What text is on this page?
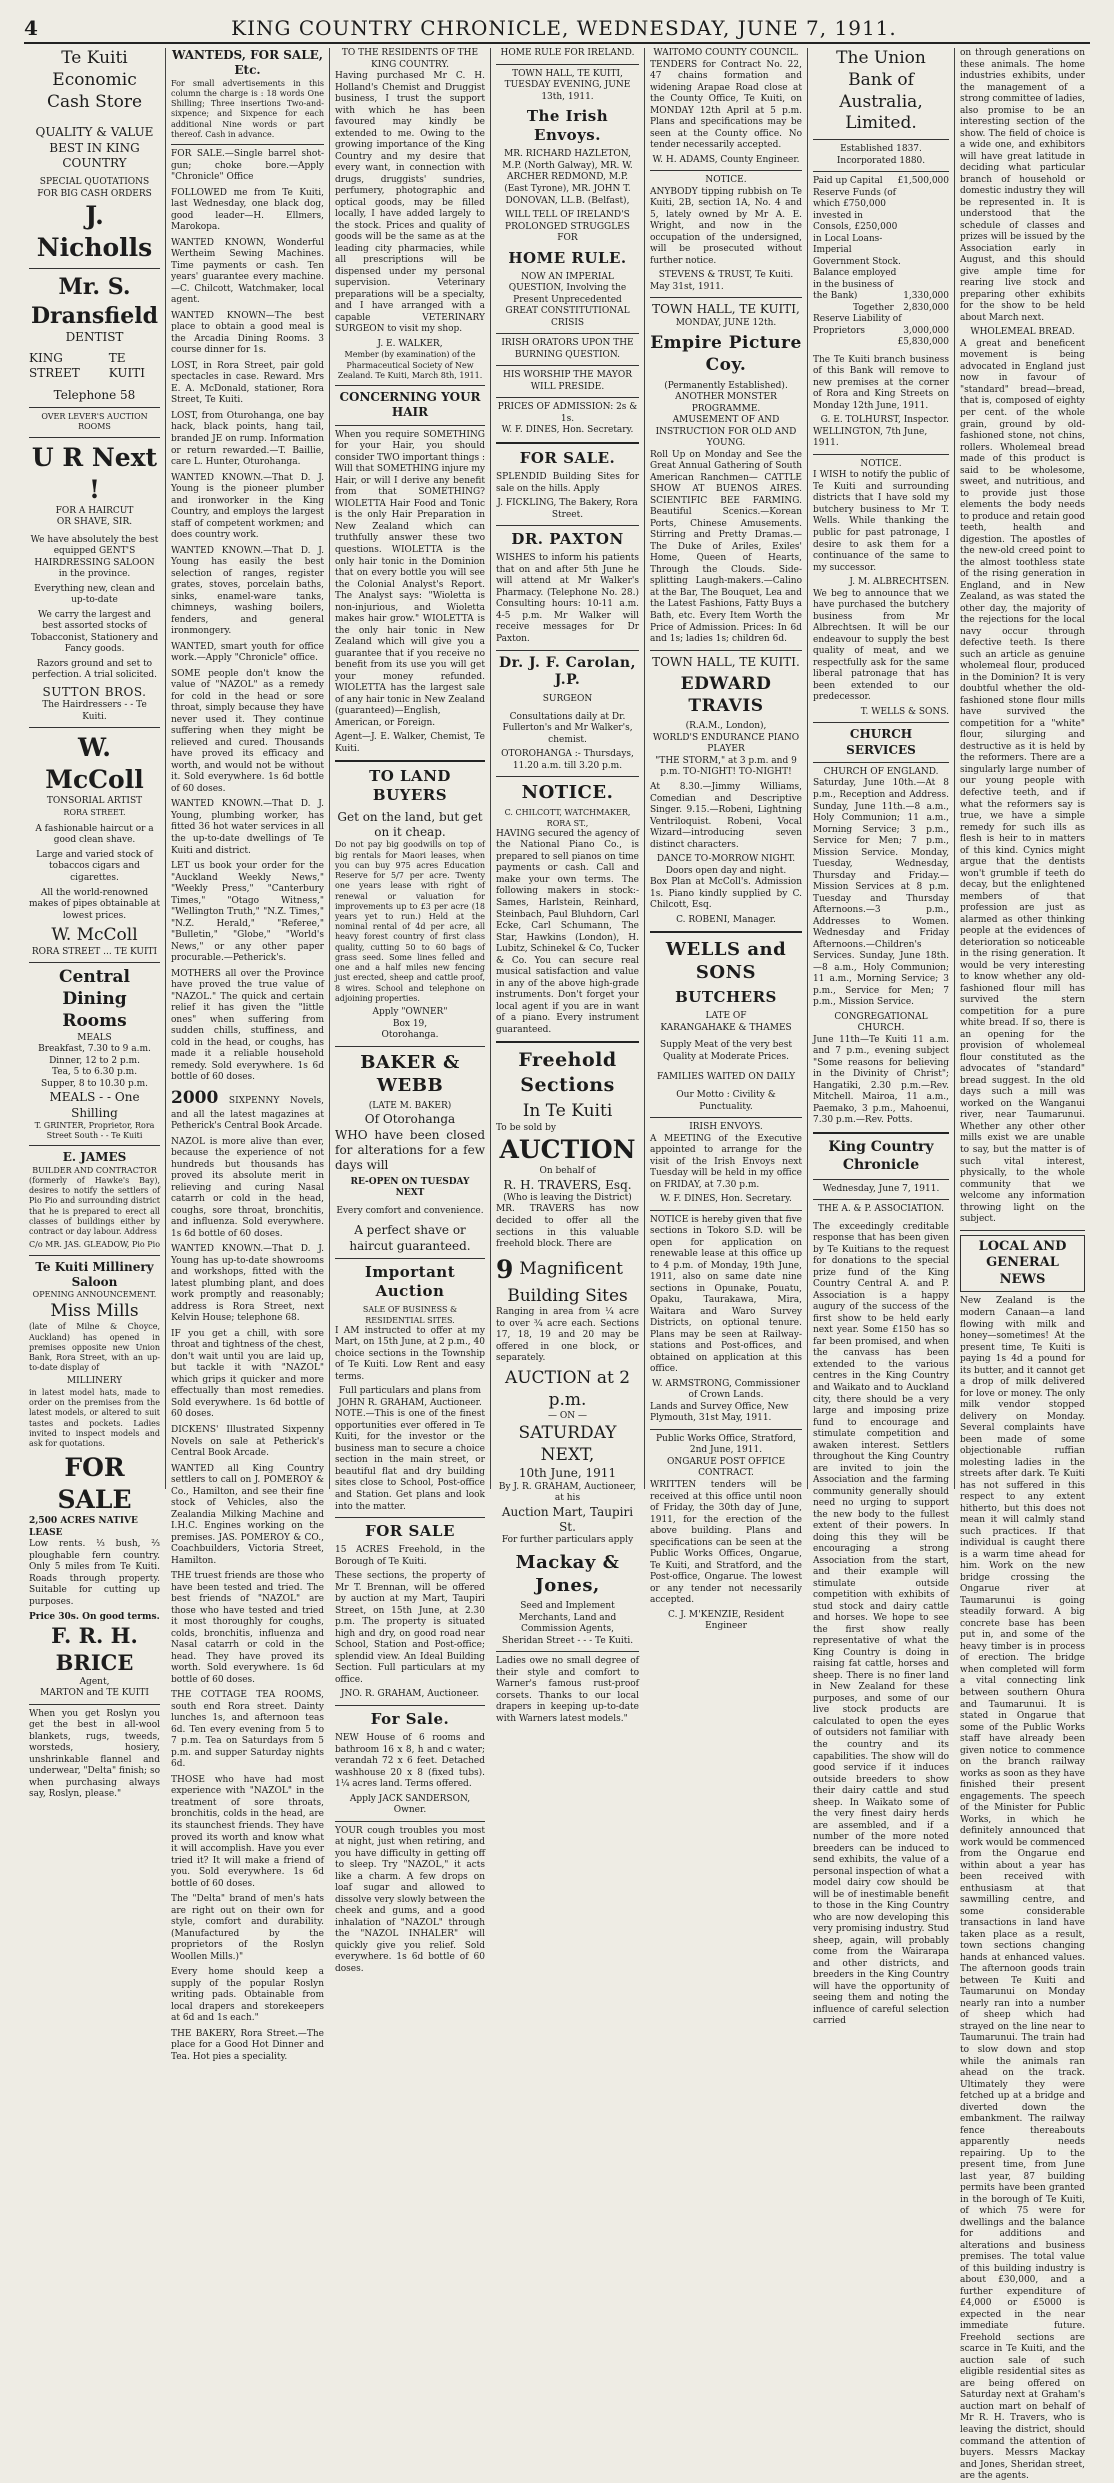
4	KING COUNTRY CHRONICLE, WEDNESDAY, JUNE 7, 1911.
Te Kuiti
Economic Cash Store
QUALITY & VALUE
BEST IN KING COUNTRY
SPECIAL QUOTATIONS
FOR BIG CASH ORDERS
J. Nicholls
Mr. S. Dransfield
DENTIST
KING STREET
TE KUITI
Telephone 58
OVER LEVER'S AUCTION ROOMS
U R Next !
FOR A HAIRCUT
OR SHAVE, SIR.

We have absolutely the best equipped GENT'S HAIRDRESSING SALOON in the province.

Everything new, clean and up-to-date

We carry the largest and best assorted stocks of Tobacconist, Stationery and Fancy goods.

Razors ground and set to perfection. A trial solicited.

SUTTON BROS.
The Hairdressers - - Te Kuiti.
W. McColl
TONSORIAL ARTIST
RORA STREET.

A fashionable haircut or a good clean shave.

Large and varied stock of tobaccos cigars and cigarettes.

All the world-renowned makes of pipes obtainable at lowest prices.

W. McColl
RORA STREET ... TE KUITI
Central Dining Rooms
MEALS
Breakfast, 7.30 to 9 a.m.
Dinner, 12 to 2 p.m.
Tea, 5 to 6.30 p.m.
Supper, 8 to 10.30 p.m.
MEALS - - One Shilling
T. GRINTER, Proprietor, Rora Street South - - Te Kuiti
E. JAMES
BUILDER AND CONTRACTOR

(formerly of Hawke's Bay), desires to notify the settlers of Pio Pio and surrounding district that he is prepared to erect all classes of buildings either by contract or day labour. Address

C/o MR. JAS. GLEADOW, Pio Pio
Te Kuiti Millinery Saloon
OPENING ANNOUNCEMENT.
Miss Mills

(late of Milne & Choyce, Auckland) has opened in premises opposite new Union Bank, Rora Street, with an up-to-date display of

MILLINERY

in latest model hats, made to order on the premises from the latest models, or altered to suit tastes and pockets. Ladies invited to inspect models and ask for quotations.

FOR SALE
2,500 ACRES NATIVE LEASE

Low rents. ⅓ bush, ⅔ ploughable fern country. Only 5 miles from Te Kuiti. Roads through property. Suitable for cutting up purposes.

Price 30s. On good terms.
F. R. H. BRICE
Agent,
MARTON and TE KUITI

When you get Roslyn you get the best in all-wool blankets, rugs, tweeds, worsteds, hosiery, unshrinkable flannel and underwear, "Delta" finish; so when purchasing always say, Roslyn, please."

WANTEDS, FOR SALE, Etc.

For small advertisements in this column the charge is : 18 words One Shilling; Three insertions Two-and-sixpence; and Sixpence for each additional Nine words or part thereof. Cash in advance.

FOR SALE.—Single barrel shot-gun; choke bore.—Apply "Chronicle" Office

FOLLOWED me from Te Kuiti, last Wednesday, one black dog, good leader—H. Ellmers, Marokopa.

WANTED KNOWN, Wonderful Wertheim Sewing Machines. Time payments or cash. Ten years' guarantee every machine.—C. Chilcott, Watchmaker, local agent.

WANTED KNOWN—The best place to obtain a good meal is the Arcadia Dining Rooms. 3 course dinner for 1s.

LOST, in Rora Street, pair gold spectacles in case. Reward. Mrs E. A. McDonald, stationer, Rora Street, Te Kuiti.

LOST, from Oturohanga, one bay hack, black points, hang tail, branded JE on rump. Information or return rewarded.—T. Baillie, care L. Hunter, Oturohanga.

WANTED KNOWN.—That D. J. Young is the pioneer plumber and ironworker in the King Country, and employs the largest staff of competent workmen; and does country work.

WANTED KNOWN.—That D. J. Young has easily the best selection of ranges, register grates, stoves, porcelain baths, sinks, enamel-ware tanks, chimneys, washing boilers, fenders, and general ironmongery.

WANTED, smart youth for office work.—Apply "Chronicle" office.

SOME people don't know the value of "NAZOL" as a remedy for cold in the head or sore throat, simply because they have never used it. They continue suffering when they might be relieved and cured. Thousands have proved its efficacy and worth, and would not be without it. Sold everywhere. 1s 6d bottle of 60 doses.

WANTED KNOWN.—That D. J. Young, plumbing worker, has fitted 36 hot water services in all the up-to-date dwellings of Te Kuiti and district.

LET us book your order for the "Auckland Weekly News," "Weekly Press," "Canterbury Times," "Otago Witness," "Wellington Truth," "N.Z. Times," "N.Z. Herald," "Referee," "Bulletin," "Globe," "World's News," or any other paper procurable.—Petherick's.

MOTHERS all over the Province have proved the true value of "NAZOL." The quick and certain relief it has given the "little ones" when suffering from sudden chills, stuffiness, and cold in the head, or coughs, has made it a reliable household remedy. Sold everywhere. 1s 6d bottle of 60 doses.

2000 SIXPENNY Novels, and all the latest magazines at Petherick's Central Book Arcade.

NAZOL is more alive than ever, because the experience of not hundreds but thousands has proved its absolute merit in relieving and curing Nasal catarrh or cold in the head, coughs, sore throat, bronchitis, and influenza. Sold everywhere. 1s 6d bottle of 60 doses.

WANTED KNOWN.—That D. J. Young has up-to-date showrooms and workshops, fitted with the latest plumbing plant, and does work promptly and reasonably; address is Rora Street, next Kelvin House; telephone 68.

IF you get a chill, with sore throat and tightness of the chest, don't wait until you are laid up, but tackle it with "NAZOL" which grips it quicker and more effectually than most remedies. Sold everywhere. 1s 6d bottle of 60 doses.

DICKENS' Illustrated Sixpenny Novels on sale at Petherick's Central Book Arcade.

WANTED all King Country settlers to call on J. POMEROY & Co., Hamilton, and see their fine stock of Vehicles, also the Zealandia Milking Machine and I.H.C. Engines working on the premises. JAS. POMEROY & CO., Coachbuilders, Victoria Street, Hamilton.

THE truest friends are those who have been tested and tried. The best friends of "NAZOL" are those who have tested and tried it most thoroughly for coughs, colds, bronchitis, influenza and Nasal catarrh or cold in the head. They have proved its worth. Sold everywhere. 1s 6d bottle of 60 doses.

THE COTTAGE TEA ROOMS, south end Rora street. Dainty lunches 1s, and afternoon teas 6d. Ten every evening from 5 to 7 p.m. Tea on Saturdays from 5 p.m. and supper Saturday nights 6d.

THOSE who have had most experience with "NAZOL" in the treatment of sore throats, bronchitis, colds in the head, are its staunchest friends. They have proved its worth and know what it will accomplish. Have you ever tried it? It will make a friend of you. Sold everywhere. 1s 6d bottle of 60 doses.

The "Delta" brand of men's hats are right out on their own for style, comfort and durability. (Manufactured by the proprietors of the Roslyn Woollen Mills.)"

Every home should keep a supply of the popular Roslyn writing pads. Obtainable from local drapers and storekeepers at 6d and 1s each."

THE BAKERY, Rora Street.—The place for a Good Hot Dinner and Tea. Hot pies a speciality.

TO THE RESIDENTS OF THE KING COUNTRY.

Having purchased Mr C. H. Holland's Chemist and Druggist business, I trust the support with which he has been favoured may kindly be extended to me. Owing to the growing importance of the King Country and my desire that every want, in connection with drugs, druggists' sundries, perfumery, photographic and optical goods, may be filled locally, I have added largely to the stock. Prices and quality of goods will be the same as at the leading city pharmacies, while all prescriptions will be dispensed under my personal supervision. Veterinary preparations will be a specialty, and I have arranged with a capable VETERINARY SURGEON to visit my shop.

J. E. WALKER,

Member (by examination) of the Pharmaceutical Society of New Zealand. Te Kuiti, March 8th, 1911.

CONCERNING YOUR HAIR

When you require SOMETHING for your Hair, you should consider TWO important things : Will that SOMETHING injure my Hair, or will I derive any benefit from that SOMETHING? WIOLETTA Hair Food and Tonic is the only Hair Preparation in New Zealand which can truthfully answer these two questions. WIOLETTA is the only hair tonic in the Dominion that on every bottle you will see the Colonial Analyst's Report. The Analyst says: "Wioletta is non-injurious, and Wioletta makes hair grow." WIOLETTA is the only hair tonic in New Zealand which will give you a guarantee that if you receive no benefit from its use you will get your money refunded. WIOLETTA has the largest sale of any hair tonic in New Zealand (guaranteed)—English, American, or Foreign.

Agent—J. E. Walker, Chemist, Te Kuiti.

TO LAND BUYERS
Get on the land, but get on it cheap.

Do not pay big goodwills on top of big rentals for Maori leases, when you can buy 975 acres Education Reserve for 5/7 per acre. Twenty one years lease with right of renewal or valuation for improvements up to £3 per acre (18 years yet to run.) Held at the nominal rental of 4d per acre, all heavy forest country of first class quality, cutting 50 to 60 bags of grass seed. Some lines felled and one and a half miles new fencing just erected, sheep and cattle proof, 8 wires. School and telephone on adjoining properties.

Apply "OWNER"
Box 19,
Otorohanga.
BAKER & WEBB
(LATE M. BAKER)
Of Otorohanga

WHO have been closed for alterations for a few days will

RE-OPEN ON TUESDAY NEXT
Every comfort and convenience.
A perfect shave or haircut guaranteed.
Important Auction
SALE OF BUSINESS & RESIDENTIAL SITES.

I AM instructed to offer at my Mart, on 15th June, at 2 p.m., 40 choice sections in the Township of Te Kuiti. Low Rent and easy terms.

Full particulars and plans from
JOHN R. GRAHAM, Auctioneer.

NOTE.—This is one of the finest opportunities ever offered in Te Kuiti, for the investor or the business man to secure a choice section in the main street, or beautiful flat and dry building sites close to School, Post-office and Station. Get plans and look into the matter.

FOR SALE

15 ACRES Freehold, in the Borough of Te Kuiti.

These sections, the property of Mr T. Brennan, will be offered by auction at my Mart, Taupiri Street, on 15th June, at 2.30 p.m. The property is situated high and dry, on good road near School, Station and Post-office; splendid view. An Ideal Building Section. Full particulars at my office.

JNO. R. GRAHAM, Auctioneer.
For Sale.

NEW House of 6 rooms and bathroom 16 x 8, h and c water; verandah 72 x 6 feet. Detached washhouse 20 x 8 (fixed tubs). 1¼ acres land. Terms offered.

Apply JACK SANDERSON, Owner.

YOUR cough troubles you most at night, just when retiring, and you have difficulty in getting off to sleep. Try "NAZOL," it acts like a charm. A few drops on loaf sugar and allowed to dissolve very slowly between the cheek and gums, and a good inhalation of "NAZOL" through the "NAZOL INHALER" will quickly give you relief. Sold everywhere. 1s 6d bottle of 60 doses.

HOME RULE FOR IRELAND.
TOWN HALL, TE KUITI,
TUESDAY EVENING, JUNE 13th, 1911.
The Irish Envoys.

MR. RICHARD HAZLETON, M.P. (North Galway), MR. W. ARCHER REDMOND, M.P. (East Tyrone), MR. JOHN T. DONOVAN, LL.B. (Belfast),

WILL TELL OF IRELAND'S PROLONGED STRUGGLES FOR
HOME RULE.
NOW AN IMPERIAL QUESTION, Involving the Present Unprecedented GREAT CONSTITUTIONAL CRISIS
IRISH ORATORS UPON THE BURNING QUESTION.
HIS WORSHIP THE MAYOR WILL PRESIDE.
PRICES OF ADMISSION: 2s & 1s.
W. F. DINES, Hon. Secretary.
FOR SALE.

SPLENDID Building Sites for sale on the hills. Apply

J. FICKLING, The Bakery, Rora Street.
DR. PAXTON

WISHES to inform his patients that on and after 5th June he will attend at Mr Walker's Pharmacy. (Telephone No. 28.) Consulting hours: 10-11 a.m. 4-5 p.m. Mr Walker will receive messages for Dr Paxton.

Dr. J. F. Carolan, J.P.
SURGEON

Consultations daily at Dr. Fullerton's and Mr Walker's, chemist.

OTOROHANGA :- Thursdays, 11.20 a.m. till 3.20 p.m.

NOTICE.
C. CHILCOTT, WATCHMAKER, RORA ST.,

HAVING secured the agency of the National Piano Co., is prepared to sell pianos on time payments or cash. Call and make your own terms. The following makers in stock:- Sames, Harlstein, Reinhard, Steinbach, Paul Bluhdorn, Carl Ecke, Carl Schumann, The Star, Hawkins (London), H. Lubitz, Schinekel & Co, Tucker & Co. You can secure real musical satisfaction and value in any of the above high-grade instruments. Don't forget your local agent if you are in want of a piano. Every instrument guaranteed.

Freehold Sections
In Te Kuiti
To be sold by
AUCTION
On behalf of
R. H. TRAVERS, Esq.
(Who is leaving the District)

MR. TRAVERS has now decided to offer all the sections in this valuable freehold block. There are

9 Magnificent
Building Sites

Ranging in area from ¼ acre to over ¾ acre each. Sections 17, 18, 19 and 20 may be offered in one block, or separately.

AUCTION at 2 p.m.
— ON —
SATURDAY NEXT,
10th June, 1911
By J. R. GRAHAM, Auctioneer, at his
Auction Mart, Taupiri St.
For further particulars apply
Mackay & Jones,
Seed and Implement Merchants, Land and Commission Agents,
Sheridan Street - - - Te Kuiti.

Ladies owe no small degree of their style and comfort to Warner's famous rust-proof corsets. Thanks to our local drapers in keeping up-to-date with Warners latest models."

WAITOMO COUNTY COUNCIL.

TENDERS for Contract No. 22, 47 chains formation and widening Arapae Road close at the County Office, Te Kuiti, on MONDAY 12th April at 5 p.m. Plans and specifications may be seen at the County office. No tender necessarily accepted.

W. H. ADAMS, County Engineer.
NOTICE.

ANYBODY tipping rubbish on Te Kuiti, 2B, section 1A, No. 4 and 5, lately owned by Mr A. E. Wright, and now in the occupation of the undersigned, will be prosecuted without further notice.

STEVENS & TRUST, Te Kuiti.
May 31st, 1911.
TOWN HALL, TE KUITI,
MONDAY, JUNE 12th.
Empire Picture Coy.
(Permanently Established).
ANOTHER MONSTER PROGRAMME.
AMUSEMENT OF AND INSTRUCTION FOR OLD AND YOUNG.

Roll Up on Monday and See the Great Annual Gathering of South American Ranchmen— CATTLE SHOW AT BUENOS AIRES. SCIENTIFIC BEE FARMING. Beautiful Scenics.—Korean Ports, Chinese Amusements. Stirring and Pretty Dramas.—The Duke of Ariles, Exiles' Home, Queen of Hearts, Through the Clouds. Side-splitting Laugh-makers.—Calino at the Bar, The Bouquet, Lea and the Latest Fashions, Fatty Buys a Bath, etc. Every Item Worth the Price of Admission. Prices: In 6d and 1s; ladies 1s; children 6d.

TOWN HALL, TE KUITI.
EDWARD TRAVIS
(R.A.M., London),
WORLD'S ENDURANCE PIANO PLAYER

"THE STORM," at 3 p.m. and 9 p.m. TO-NIGHT! TO-NIGHT!

At 8.30.—Jimmy Williams, Comedian and Descriptive Singer. 9.15.—Robeni, Lightning Ventriloquist. Robeni, Vocal Wizard—introducing seven distinct characters.

DANCE TO-MORROW NIGHT.
Doors open day and night.

Box Plan at McColl's. Admission 1s. Piano kindly supplied by C. Chilcott, Esq.

C. ROBENI, Manager.
WELLS and SONS
BUTCHERS
LATE OF
KARANGAHAKE & THAMES

Supply Meat of the very best Quality at Moderate Prices.

FAMILIES WAITED ON DAILY
Our Motto : Civility & Punctuality.
IRISH ENVOYS.

A MEETING of the Executive appointed to arrange for the visit of the Irish Envoys next Tuesday will be held in my office on FRIDAY, at 7.30 p.m.

W. F. DINES, Hon. Secretary.

NOTICE is hereby given that five sections in Tokoro S.D. will be open for application on renewable lease at this office up to 4 p.m. of Monday, 19th June, 1911, also on same date nine sections in Opunake, Pouatu, Opaku, Taurakawa, Mira, Waitara and Waro Survey Districts, on optional tenure. Plans may be seen at Railway-stations and Post-offices, and obtained on application at this office.

W. ARMSTRONG, Commissioner of Crown Lands.
Lands and Survey Office, New Plymouth, 31st May, 1911.
Public Works Office, Stratford, 2nd June, 1911.
ONGARUE POST OFFICE CONTRACT.

WRITTEN tenders will be received at this office until noon of Friday, the 30th day of June, 1911, for the erection of the above building. Plans and specifications can be seen at the Public Works Offices, Ongarue, Te Kuiti, and Stratford, and the Post-office, Ongarue. The lowest or any tender not necessarily accepted.

C. J. M'KENZIE, Resident Engineer
The Union Bank of
Australia, Limited.
Established 1837. Incorporated 1880.
Paid up Capital £1,500,000
Reserve Funds (of which £750,000 invested in Consols, £250,000 in Local Loans- Imperial Government Stock. Balance employed in the business of the Bank)	1,330,000
Together 2,830,000
Reserve Liability of Proprietors	3,000,000
£5,830,000

The Te Kuiti branch business of this Bank will remove to new premises at the corner of Rora and King Streets on Monday 12th June, 1911.

G. E. TOLHURST, Inspector.
WELLINGTON, 7th June, 1911.
NOTICE.

I WISH to notify the public of Te Kuiti and surrounding districts that I have sold my butchery business to Mr T. Wells. While thanking the public for past patronage, I desire to ask them for a continuance of the same to my successor.

J. M. ALBRECHTSEN.

We beg to announce that we have purchased the butchery business from Mr Albrechtsen. It will be our endeavour to supply the best quality of meat, and we respectfully ask for the same liberal patronage that has been extended to our predecessor.

T. WELLS & SONS.
CHURCH SERVICES
CHURCH OF ENGLAND.

Saturday, June 10th.—At 8 p.m., Reception and Address. Sunday, June 11th.—8 a.m., Holy Communion; 11 a.m., Morning Service; 3 p.m., Service for Men; 7 p.m., Mission Service. Monday, Tuesday, Wednesday, Thursday and Friday.—Mission Services at 8 p.m. Tuesday and Thursday Afternoons.—3 p.m., Addresses to Women. Wednesday and Friday Afternoons.—Children's Services. Sunday, June 18th.—8 a.m., Holy Communion; 11 a.m., Morning Service; 3 p.m., Service for Men; 7 p.m., Mission Service.

CONGREGATIONAL CHURCH.

June 11th—Te Kuiti 11 a.m. and 7 p.m., evening subject "Some reasons for believing in the Divinity of Christ"; Hangatiki, 2.30 p.m.—Rev. Mitchell. Mairoa, 11 a.m., Paemako, 3 p.m., Mahoenui, 7.30 p.m.—Rev. Potts.

King Country Chronicle
Wednesday, June 7, 1911.
THE A. & P. ASSOCIATION.

The exceedingly creditable response that has been given by Te Kuitians to the request for donations to the special prize fund of the King Country Central A. and P. Association is a happy augury of the success of the first show to be held early next year. Some £150 has so far been promised, and when the canvass has been extended to the various centres in the King Country and Waikato and to Auckland city, there should be a very large and imposing prize fund to encourage and stimulate competition and awaken interest. Settlers throughout the King Country are invited to join the Association and the farming community generally should need no urging to support the new body to the fullest extent of their powers. In doing this they will be encouraging a strong Association from the start, and their example will stimulate outside competition with exhibits of stud stock and dairy cattle and horses. We hope to see the first show really representative of what the King Country is doing in raising fat cattle, horses and sheep. There is no finer land in New Zealand for these purposes, and some of our live stock products are calculated to open the eyes of outsiders not familiar with the country and its capabilities. The show will do good service if it induces outside breeders to show their dairy cattle and stud sheep. In Waikato some of the very finest dairy herds are assembled, and if a number of the more noted breeders can be induced to send exhibits, the value of a personal inspection of what a model dairy cow should be will be of inestimable benefit to those in the King Country who are now developing this very promising industry. Stud sheep, again, will probably come from the Wairarapa and other districts, and breeders in the King Country will have the opportunity of seeing them and noting the influence of careful selection carried

on through generations on these animals. The home industries exhibits, under the management of a strong committee of ladies, also promise to be an interesting section of the show. The field of choice is a wide one, and exhibitors will have great latitude in deciding what particular branch of household or domestic industry they will be represented in. It is understood that the schedule of classes and prizes will be issued by the Association early in August, and this should give ample time for rearing live stock and preparing other exhibits for the show to be held about March next.

WHOLEMEAL BREAD.

A great and beneficent movement is being advocated in England just now in favour of "standard" bread—bread, that is, composed of eighty per cent. of the whole grain, ground by old-fashioned stone, not chins, rollers. Wholemeal bread made of this product is said to be wholesome, sweet, and nutritious, and to provide just those elements the body needs to produce and retain good teeth, health and digestion. The apostles of the new-old creed point to the almost toothless state of the rising generation in England, and in New Zealand, as was stated the other day, the majority of the rejections for the local navy occur through defective teeth. Is there such an article as genuine wholemeal flour, produced in the Dominion? It is very doubtful whether the old-fashioned stone flour mills have survived the competition for a "white" flour, silurging and destructive as it is held by the reformers. There are a singularly large number of our young people with defective teeth, and if what the reformers say is true, we have a simple remedy for such ills as flesh is heir to in matters of this kind. Cynics might argue that the dentists won't grumble if teeth do decay, but the enlightened members of that profession are just as alarmed as other thinking people at the evidences of deterioration so noticeable in the rising generation. It would be very interesting to know whether any old-fashioned flour mill has survived the stern competition for a pure white bread. If so, there is an opening for the provision of wholemeal flour constituted as the advocates of "standard" bread suggest. In the old days such a mill was worked on the Wanganui river, near Taumarunui. Whether any other other mills exist we are unable to say, but the matter is of such vital interest, physically, to the whole community that we welcome any information throwing light on the subject.

LOCAL AND GENERAL NEWS

New Zealand is the modern Canaan—a land flowing with milk and honey—sometimes! At the present time, Te Kuiti is paying 1s 4d a pound for its butter, and it cannot get a drop of milk delivered for love or money. The only milk vendor stopped delivery on Monday. Several complaints have been made of some objectionable ruffian molesting ladies in the streets after dark. Te Kuiti has not suffered in this respect to any extent hitherto, but this does not mean it will calmly stand such practices. If that individual is caught there is a warm time ahead for him. Work on the new bridge crossing the Ongarue river at Taumarunui is going steadily forward. A big concrete base has been put in, and some of the heavy timber is in process of erection. The bridge when completed will form a vital connecting link between southern Ohura and Taumarunui. It is stated in Ongarue that some of the Public Works staff have already been given notice to commence on the branch railway works as soon as they have finished their present engagements. The speech of the Minister for Public Works, in which he definitely announced that work would be commenced from the Ongarue end within about a year has been received with enthusiasm at that sawmilling centre, and some considerable transactions in land have taken place as a result, town sections changing hands at enhanced values. The afternoon goods train between Te Kuiti and Taumarunui on Monday nearly ran into a number of sheep which had strayed on the line near to Taumarunui. The train had to slow down and stop while the animals ran ahead on the track. Ultimately they were fetched up at a bridge and diverted down the embankment. The railway fence thereabouts apparently needs repairing. Up to the present time, from June last year, 87 building permits have been granted in the borough of Te Kuiti, of which 75 were for dwellings and the balance for additions and alterations and business premises. The total value of this building industry is about £30,000, and a further expenditure of £4,000 or £5000 is expected in the near immediate future. Freehold sections are scarce in Te Kuiti, and the auction sale of such eligible residential sites as are being offered on Saturday next at Graham's auction mart on behalf of Mr R. H. Travers, who is leaving the district, should command the attention of buyers. Messrs Mackay and Jones, Sheridan street, are the agents.
